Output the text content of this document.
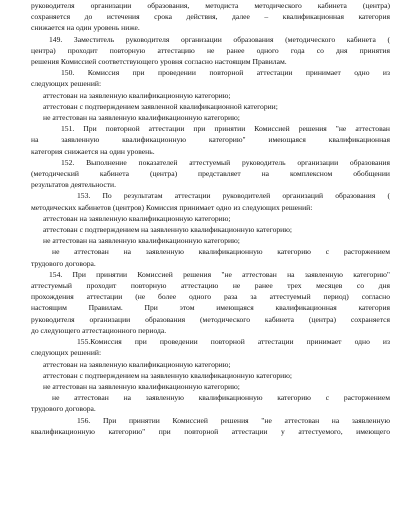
руководителя организации образования, методиста методического кабинета (центра)
сохраняется до истечения срока действия, далее – квалификационная категория
снижается на один уровень ниже.
149. Заместитель руководителя организации образования (методического кабинета (
центра) проходит повторную аттестацию не ранее одного года со дня принятия
решения Комиссией соответствующего уровня согласно настоящим Правилам.
150. Комиссия при проведении повторной аттестации принимает одно из
следующих решений:
аттестован на заявленную квалификационную категорию;
аттестован с подтверждением заявленной квалификационной категории;
не аттестован на заявленную квалификационную категорию;
151. При повторной аттестации при принятии Комиссией решения "не аттестован
на заявленную квалификационную категорию" имеющаяся квалификационная
категория снижается на один уровень.
152. Выполнение показателей аттестуемый руководитель организации образования
(методический кабинета (центра) представляет на комплексном обобщении
результатов деятельности.
153. По результатам аттестации руководителей организаций образования (
методических кабинетов (центров) Комиссия принимает одно из следующих решений:
аттестован на заявленную квалификационную категорию;
аттестован с подтверждением на заявленную квалификационную категорию;
не аттестован на заявленную квалификационную категорию;
не аттестован на заявленную квалификационную категорию с расторжением
трудового договора.
154. При принятии Комиссией решения "не аттестован на заявленную категорию"
аттестуемый проходит повторную аттестацию не ранее трех месяцев со дня
прохождения аттестации (не более одного раза за аттестуемый период) согласно
настоящим Правилам. При этом имеющаяся квалификационная категория
руководителя организации образования (методического кабинета (центра) сохраняется
до следующего аттестационного периода.
155.Комиссия при проведении повторной аттестации принимает одно из
следующих решений:
аттестован на заявленную квалификационную категорию;
аттестован с подтверждением на заявленную квалификационную категорию;
не аттестован на заявленную квалификационную категорию;
не аттестован на заявленную квалификационную категорию с расторжением
трудового договора.
156. При принятии Комиссией решения "не аттестован на заявленную
квалификационную категорию" при повторной аттестации у аттестуемого, имеющего
